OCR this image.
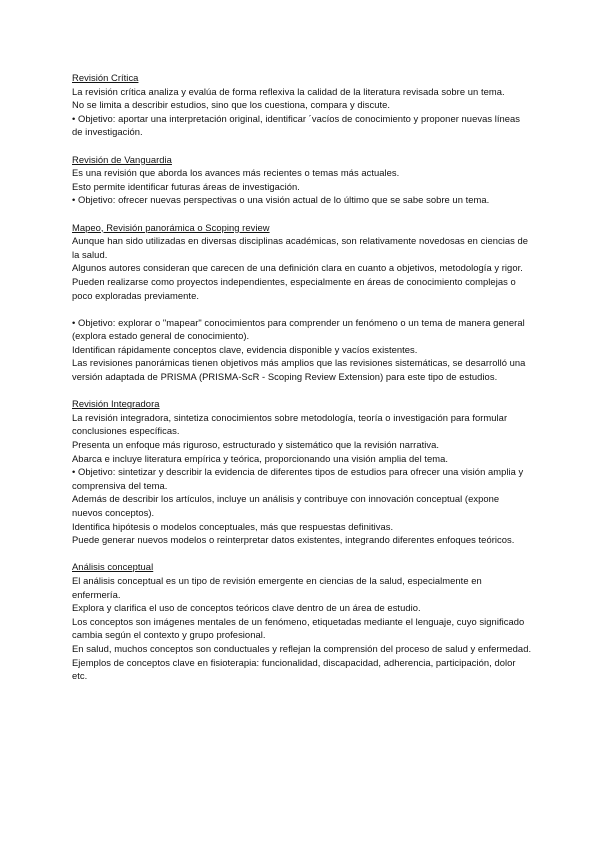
Revisión Crítica

La revisión crítica analiza y evalúa de forma reflexiva la calidad de la literatura revisada sobre un tema.

No se limita a describir estudios, sino que los cuestiona, compara y discute.

• Objetivo: aportar una interpretación original, identificar ´vacíos de conocimiento y proponer nuevas líneas de investigación.

Revisión de Vanguardia

Es una revisión que aborda los avances más recientes o temas más actuales.

Esto permite identificar futuras áreas de investigación.

• Objetivo: ofrecer nuevas perspectivas o una visión actual de lo último que se sabe sobre un tema.

Mapeo, Revisión panorámica o Scoping review

Aunque han sido utilizadas en diversas disciplinas académicas, son relativamente novedosas en ciencias de la salud.

Algunos autores consideran que carecen de una definición clara en cuanto a objetivos, metodología y rigor.

Pueden realizarse como proyectos independientes, especialmente en áreas de conocimiento complejas o poco exploradas previamente.

• Objetivo: explorar o "mapear" conocimientos para comprender un fenómeno o un tema de manera general (explora estado general de conocimiento).

Identifican rápidamente conceptos clave, evidencia disponible y vacíos existentes.

Las revisiones panorámicas tienen objetivos más amplios que las revisiones sistemáticas, se desarrolló una versión adaptada de PRISMA (PRISMA-ScR - Scoping Review Extension) para este tipo de estudios.

Revisión Integradora

La revisión integradora, sintetiza conocimientos sobre metodología, teoría o investigación para formular conclusiones específicas.

Presenta un enfoque más riguroso, estructurado y sistemático que la revisión narrativa.

Abarca e incluye literatura empírica y teórica, proporcionando una visión amplia del tema.

• Objetivo: sintetizar y describir la evidencia de diferentes tipos de estudios para ofrecer una visión amplia y comprensiva del tema.

Además de describir los artículos, incluye un análisis y contribuye con innovación conceptual (expone nuevos conceptos).

Identifica hipótesis o modelos conceptuales, más que respuestas definitivas.

Puede generar nuevos modelos o reinterpretar datos existentes, integrando diferentes enfoques teóricos.

Análisis conceptual

El análisis conceptual es un tipo de revisión emergente en ciencias de la salud, especialmente en enfermería.

Explora y clarifica el uso de conceptos teóricos clave dentro de un área de estudio.

Los conceptos son imágenes mentales de un fenómeno, etiquetadas mediante el lenguaje, cuyo significado cambia según el contexto y grupo profesional.

En salud, muchos conceptos son conductuales y reflejan la comprensión del proceso de salud y enfermedad.

Ejemplos de conceptos clave en fisioterapia: funcionalidad, discapacidad, adherencia, participación, dolor etc.
